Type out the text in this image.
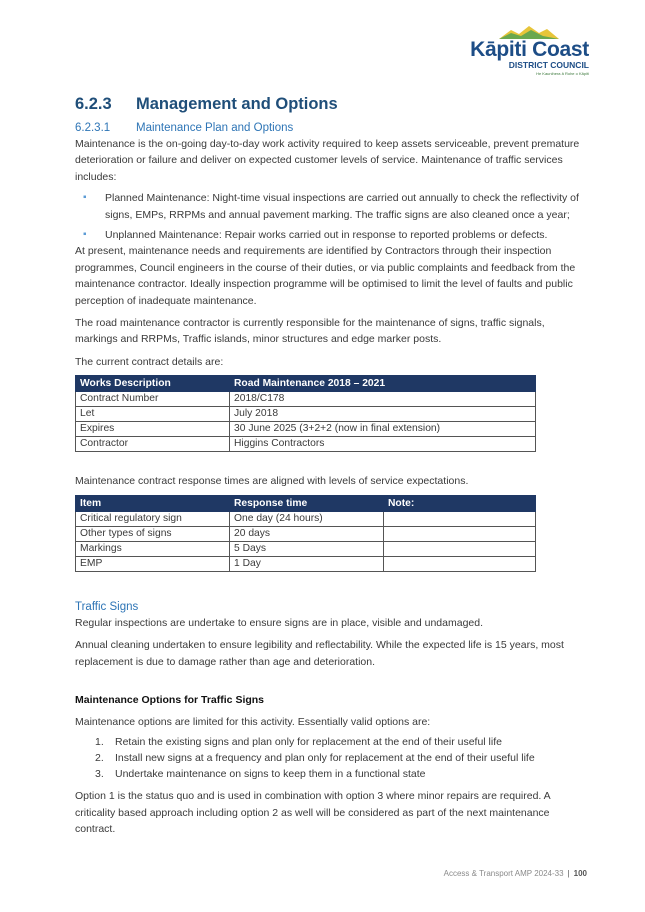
Kāpiti Coast
DISTRICT COUNCIL
He Kaunihera ā Rohe o Kāpiti
6.2.3 Management and Options
6.2.3.1 Maintenance Plan and Options

Maintenance is the on-going day-to-day work activity required to keep assets serviceable, prevent premature deterioration or failure and deliver on expected customer levels of service. Maintenance of traffic services includes:

▪ Planned Maintenance: Night-time visual inspections are carried out annually to check the reflectivity of signs, EMPs, RRPMs and annual pavement marking. The traffic signs are also cleaned once a year;
▪ Unplanned Maintenance: Repair works carried out in response to reported problems or defects.

At present, maintenance needs and requirements are identified by Contractors through their inspection programmes, Council engineers in the course of their duties, or via public complaints and feedback from the maintenance contractor. Ideally inspection programme will be optimised to limit the level of faults and public perception of inadequate maintenance.

The road maintenance contractor is currently responsible for the maintenance of signs, traffic signals, markings and RRPMs, Traffic islands, minor structures and edge marker posts.

The current contract details are:

Works Description	Road Maintenance 2018 – 2021
Contract Number	2018/C178
Let	July 2018
Expires	30 June 2025 (3+2+2 (now in final extension)
Contractor	Higgins Contractors

Maintenance contract response times are aligned with levels of service expectations.

Item	Response time	Note:
Critical regulatory sign	One day (24 hours)	
Other types of signs	20 days	
Markings	5 Days	
EMP	1 Day	
Traffic Signs

Regular inspections are undertake to ensure signs are in place, visible and undamaged.

Annual cleaning undertaken to ensure legibility and reflectability. While the expected life is 15 years, most replacement is due to damage rather than age and deterioration.

Maintenance Options for Traffic Signs

Maintenance options are limited for this activity. Essentially valid options are:

1. Retain the existing signs and plan only for replacement at the end of their useful life
2. Install new signs at a frequency and plan only for replacement at the end of their useful life
3. Undertake maintenance on signs to keep them in a functional state

Option 1 is the status quo and is used in combination with option 3 where minor repairs are required. A criticality based approach including option 2 as well will be considered as part of the next maintenance contract.

Access & Transport AMP 2024-33 | 100
